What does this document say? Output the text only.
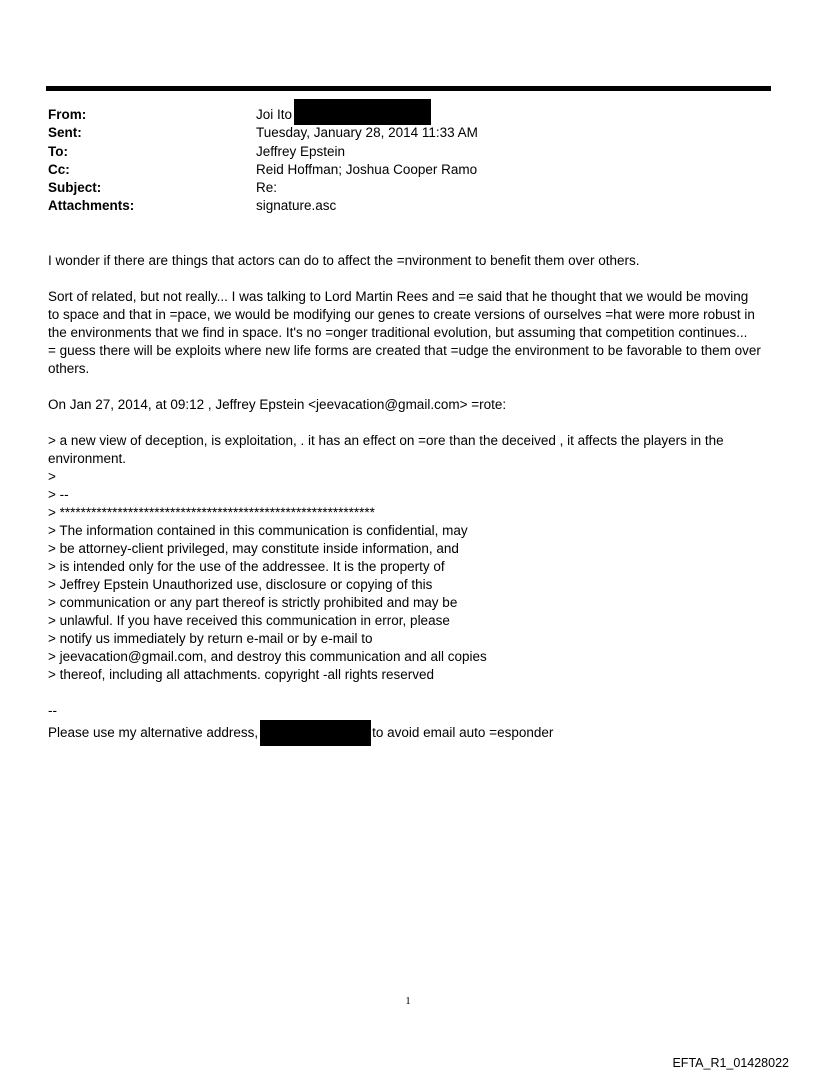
From:	Joi Ito
Sent:	Tuesday, January 28, 2014 11:33 AM
To:	Jeffrey Epstein
Cc:	Reid Hoffman; Joshua Cooper Ramo
Subject:	Re:
Attachments:	signature.asc

I wonder if there are things that actors can do to affect the =nvironment to benefit them over others.

Sort of related, but not really... I was talking to Lord Martin Rees and =e said that he thought that we would be moving

to space and that in =pace, we would be modifying our genes to create versions of ourselves =hat were more robust in

the environments that we find in space. It's no =onger traditional evolution, but assuming that competition continues...

= guess there will be exploits where new life forms are created that =udge the environment to be favorable to them over

others.

On Jan 27, 2014, at 09:12 , Jeffrey Epstein <jeevacation@gmail.com> =rote:

> a new view of deception, is exploitation, . it has an effect on =ore than the deceived , it affects the players in the

environment.

>

> --

> ************************************************************

> The information contained in this communication is confidential, may

> be attorney-client privileged, may constitute inside information, and

> is intended only for the use of the addressee. It is the property of

> Jeffrey Epstein Unauthorized use, disclosure or copying of this

> communication or any part thereof is strictly prohibited and may be

> unlawful. If you have received this communication in error, please

> notify us immediately by return e-mail or by e-mail to

> jeevacation@gmail.com, and destroy this communication and all copies

> thereof, including all attachments. copyright -all rights reserved

--

Please use my alternative address,	to avoid email auto =esponder

1
EFTA_R1_01428022
